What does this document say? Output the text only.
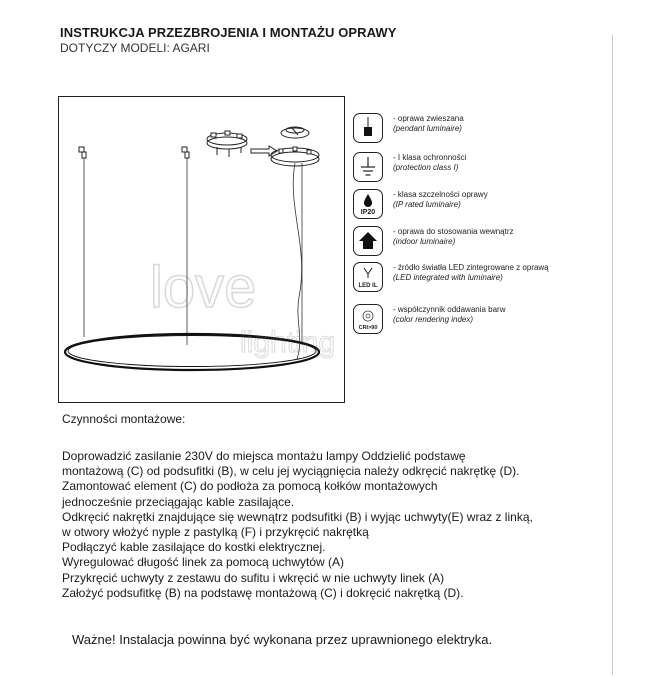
INSTRUKCJA PRZEZBROJENIA I MONTAŻU OPRAWY
DOTYCZY MODELI: AGARI
love
lighting
- oprawa zwieszana
(pendant luminaire)
- I klasa ochronności
(protection class I)
IP20
- klasa szczelności oprawy
(IP rated luminaire)
- oprawa do stosowania wewnątrz
(indoor luminaire)
LED IL
- źródło światła LED zintegrowane z oprawą
(LED integrated with luminaire)
CRI>90
- współczynnik oddawania barw
(color rendering index)
Czynności montażowe:
Doprowadzić zasilanie 230V do miejsca montażu lampy Oddzielić podstawę
montażową (C) od podsufitki (B), w celu jej wyciągnięcia należy odkręcić nakrętkę (D).
Zamontować element (C) do podłoża za pomocą kołków montażowych
jednocześnie przeciągając kable zasilające.
Odkręcić nakrętki znajdujące się wewnątrz podsufitki (B) i wyjąc uchwyty(E) wraz z linką,
w otwory włożyć nyple z pastylką (F) i przykręcić nakrętką
Podłączyć kable zasilające do kostki elektrycznej.
Wyregulować długość linek za pomocą uchwytów (A)
Przykręcić uchwyty z zestawu do sufitu i wkręcić w nie uchwyty linek (A)
Założyć podsufitkę (B) na podstawę montażową (C) i dokręcić nakrętką (D).
Ważne! Instalacja powinna być wykonana przez uprawnionego elektryka.
